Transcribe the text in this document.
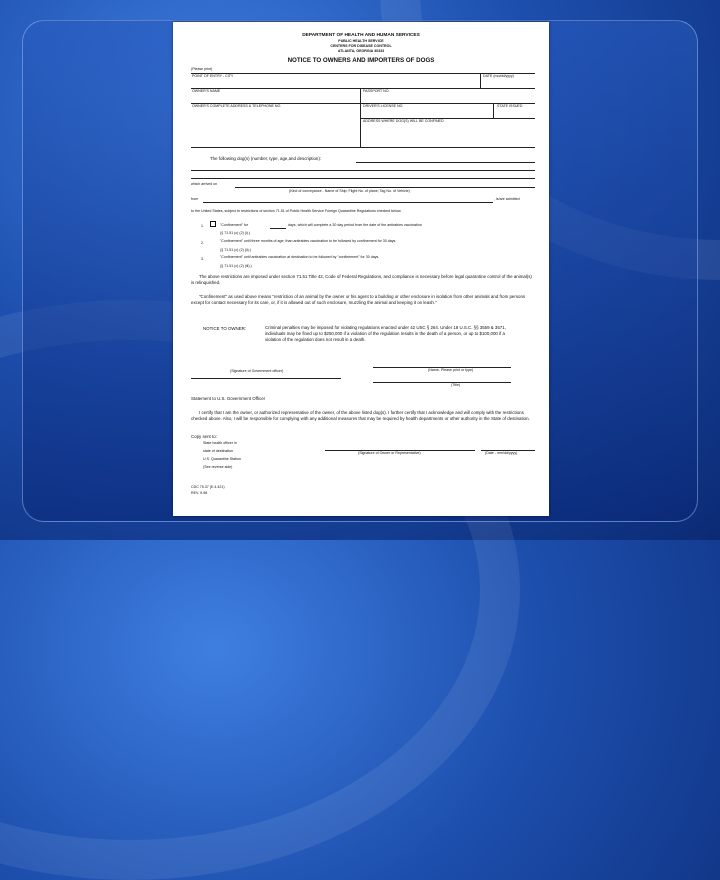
DEPARTMENT OF HEALTH AND HUMAN SERVICES
PUBLIC HEALTH SERVICE
CENTERS FOR DISEASE CONTROL
ATLANTA, GEORGIA 30333
NOTICE TO OWNERS AND IMPORTERS OF DOGS
(Please print)
POINT OF ENTRY - CITY	DATE (mo/dd/yyyy)
OWNER'S NAME	PASSPORT NO.
OWNER'S COMPLETE ADDRESS & TELEPHONE NO.	DRIVER'S LICENSE NO.	STATE ISSUED
ADDRESS WHERE DOG(S) WILL BE CONFINED
The following dog(s) (number, type, age,and description):
which arrived on
(Kind of conveyance - Name of Ship; Flight No. of plane; Tag No. of Vehicle)
from	, is/are admitted
to the United States, subject to restrictions of section 71.51 of Public Health Service Foreign Quarantine Regulations checked below.
1.	"Confinement" for	days, which will complete a 30 day period from the date of the antirabies vaccination
(§ 71.51 (c) (2) (i).)
2.	"Confinement" until three months of age; than antirabies vaccination to be followed by confinement for 30 days.
(§ 71.51 (c) (2) (ii).)
3.	"Confinement" until antirabies vaccination at destination to be followed by "confinement" for 30 days.
(§ 71.51 (c) (2) (iii).)
The above restrictions are imposed under section 71.51 Title 42, Code of Federal Regulations, and compliance is necessary before legal quarantine control of the animal(s) is relinquished.
"Confinement" as used above means "restriction of an animal by the owner or his agent to a building or other enclosure in isolation from other animals and from persons except for contact necessary for its care, or, if it is allowed out of such enclosure, muzzling the animal and keeping it on leash."
NOTICE TO OWNER:	Criminal penalties may be imposed for violating regulations enacted under 42 USC § 264. Under 18 U.S.C. §§ 3559 & 3571, individuals may be fined up to $250,000 if a violation of the regulation results in the death of a person, or up to $100,000 if a violation of the regulation does not result in a death.
(Signature of Government officer)	(Name- Please print or type)
(Title)
Statement to U.S. Government Officer
I certify that I am the owner, or authorized representative of the owner, of the above listed dog(s). I further certify that I acknowledge and will comply with the restrictions checked above. Also, I will be responsible for complying with any additional measures that may be required by health departments or other authority in the State of destination.
Copy sent to:
State health officer in
state of destination
U.S. Quarantine Station
(See reverse side)
(Signature of Owner or Representative)	(Date - mm/dd/yyyy)
CDC 75.37 (E.4.421)
REV. 9-98
